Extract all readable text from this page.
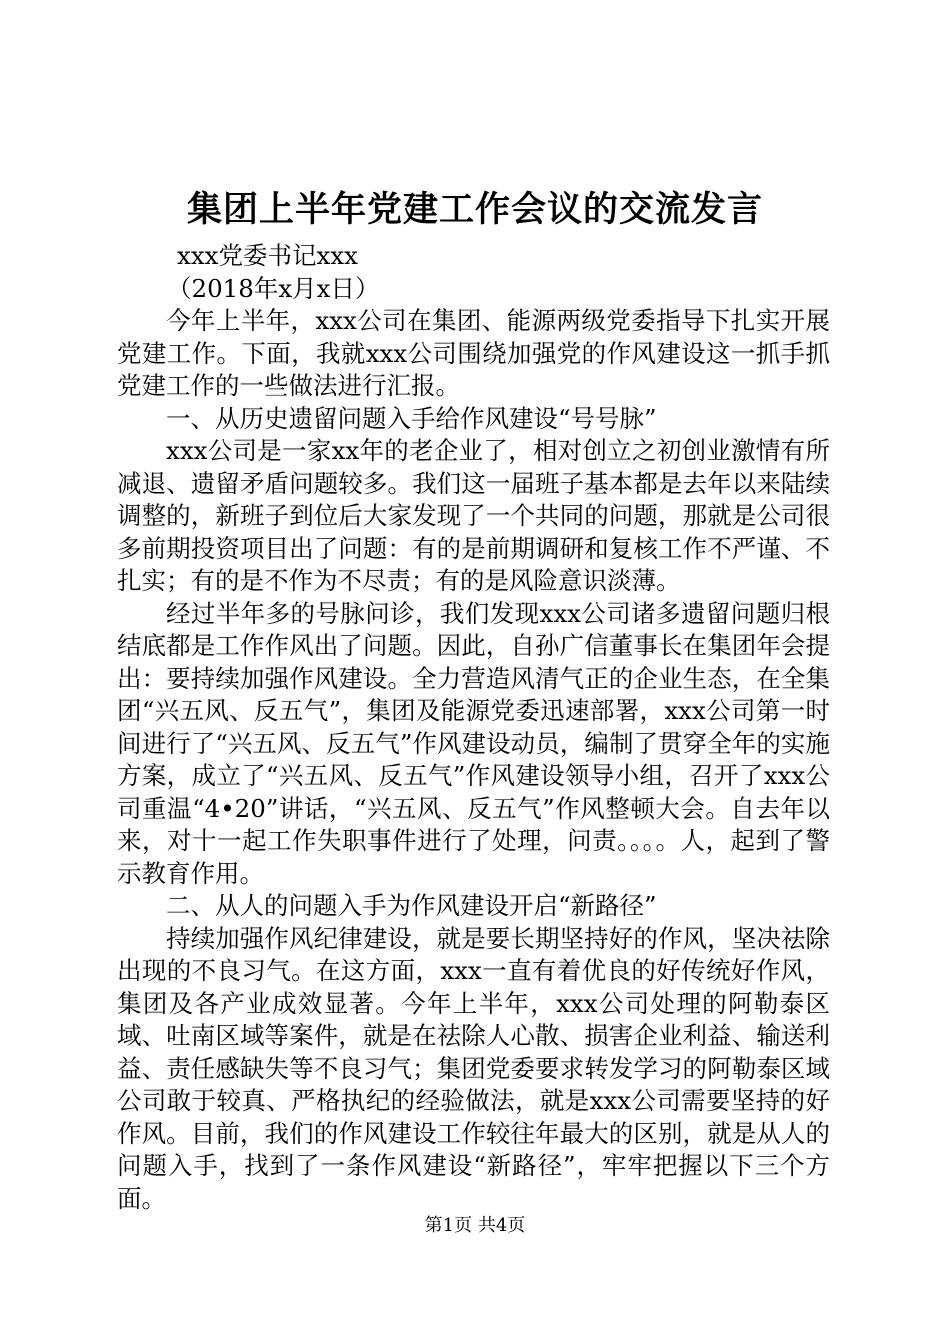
集团上半年党建工作会议的交流发言

xxx党委书记xxx

（2018年x月x日）

今年上半年，xxx公司在集团、能源两级党委指导下扎实开展党建工作。下面，我就xxx公司围绕加强党的作风建设这一抓手抓党建工作的一些做法进行汇报。

一、从历史遗留问题入手给作风建设“号号脉”

xxx公司是一家xx年的老企业了，相对创立之初创业激情有所减退、遗留矛盾问题较多。我们这一届班子基本都是去年以来陆续调整的，新班子到位后大家发现了一个共同的问题，那就是公司很多前期投资项目出了问题：有的是前期调研和复核工作不严谨、不扎实；有的是不作为不尽责；有的是风险意识淡薄。

经过半年多的号脉问诊，我们发现xxx公司诸多遗留问题归根结底都是工作作风出了问题。因此，自孙广信董事长在集团年会提出：要持续加强作风建设。全力营造风清气正的企业生态，在全集团“兴五风、反五气”，集团及能源党委迅速部署，xxx公司第一时间进行了“兴五风、反五气”作风建设动员，编制了贯穿全年的实施方案，成立了“兴五风、反五气”作风建设领导小组，召开了xxx公司重温“4•20”讲话，“兴五风、反五气”作风整顿大会。自去年以来，对十一起工作失职事件进行了处理，问责。。。。人，起到了警示教育作用。

二、从人的问题入手为作风建设开启“新路径”

持续加强作风纪律建设，就是要长期坚持好的作风，坚决祛除出现的不良习气。在这方面，xxx一直有着优良的好传统好作风，集团及各产业成效显著。今年上半年，xxx公司处理的阿勒泰区域、吐南区域等案件，就是在祛除人心散、损害企业利益、输送利益、责任感缺失等不良习气；集团党委要求转发学习的阿勒泰区域公司敢于较真、严格执纪的经验做法，就是xxx公司需要坚持的好作风。目前，我们的作风建设工作较往年最大的区别，就是从人的问题入手，找到了一条作风建设“新路径”，牢牢把握以下三个方面。

第1页 共4页
